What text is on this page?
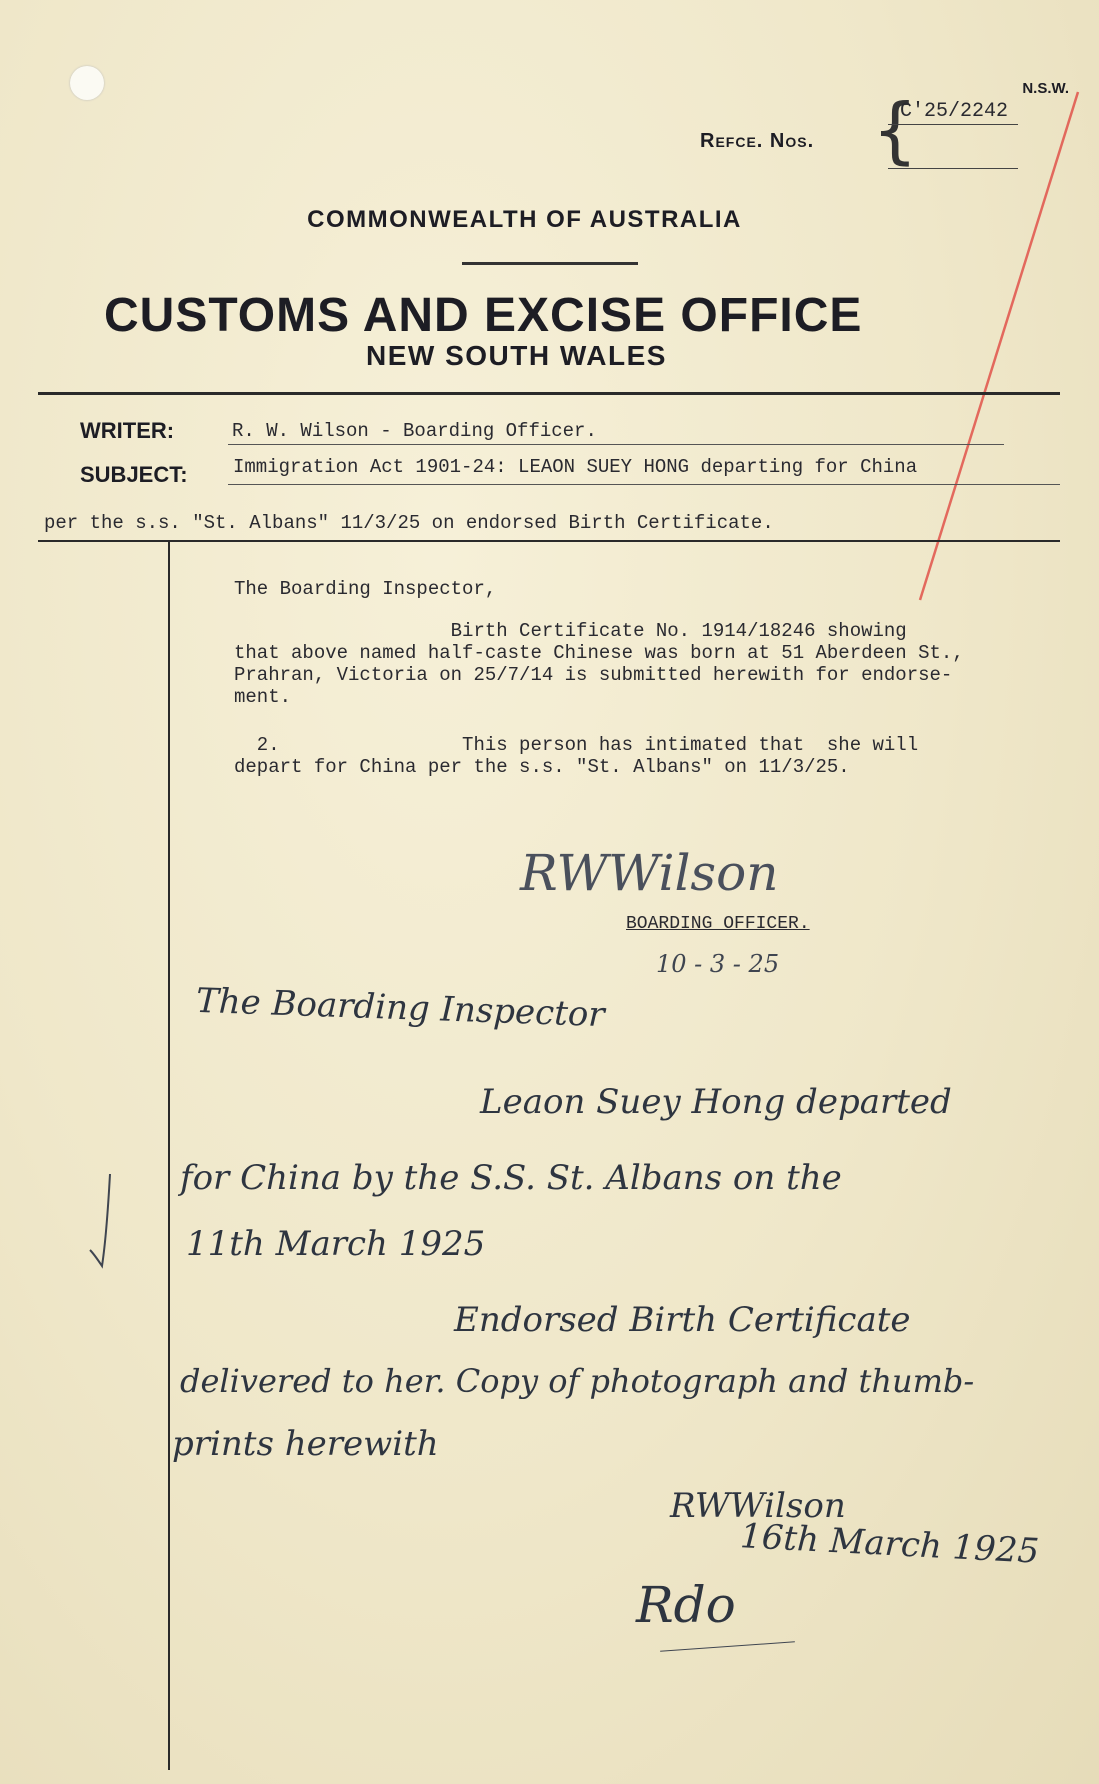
N.S.W.
Refce. Nos. {
C'25/2242
COMMONWEALTH OF AUSTRALIA
CUSTOMS AND EXCISE OFFICE
NEW SOUTH WALES
WRITER:	R. W. Wilson - Boarding Officer.
SUBJECT: Immigration Act 1901-24: LEAON SUEY HONG departing for China
per the s.s. "St. Albans" 11/3/25 on endorsed Birth Certificate.
The Boarding Inspector,
Birth Certificate No. 1914/18246 showing
that above named half-caste Chinese was born at 51 Aberdeen St.,
Prahran, Victoria on 25/7/14 is submitted herewith for endorse-
ment.
2.                This person has intimated that  she will
depart for China per the s.s. "St. Albans" on 11/3/25.
RWWilson
BOARDING OFFICER.
10 - 3 - 25
The Boarding Inspector
Leaon Suey Hong departed
for China by the S.S. St. Albans on the
11th March 1925
Endorsed Birth Certificate
delivered to her. Copy of photograph and thumb-
prints herewith
RWWilson
16th March 1925
Rdo
